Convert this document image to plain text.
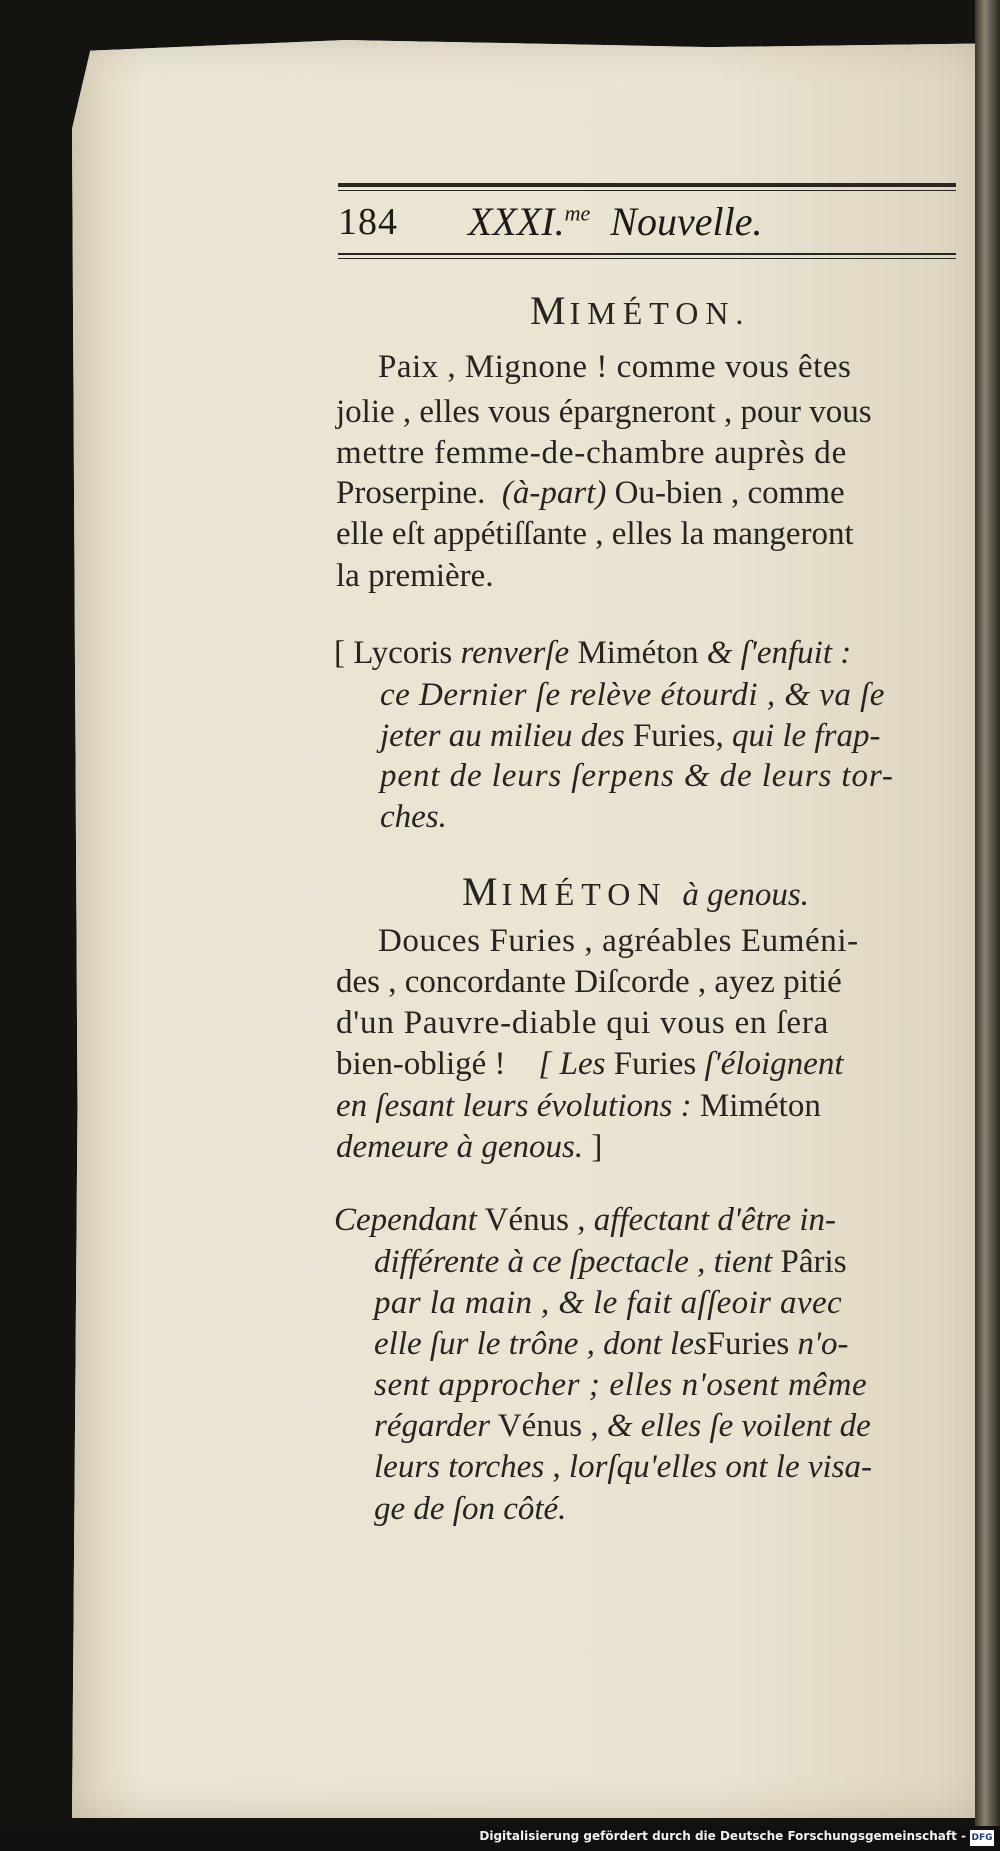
184 XXXI.$^{me}$ Nouvelle.
MIMÉTON.
Paix , Mignone ! comme vous êtes
jolie , elles vous épargneront , pour vous
mettre femme-de-chambre auprès de
Proserpine. (à-part) Ou-bien , comme
elle eſt appétiſſante , elles la mangeront
la première.
[ Lycoris renverſe Miméton & ſ'enfuit :
ce Dernier ſe relève étourdi , & va ſe
jeter au milieu des Furies, qui le frap-
pent de leurs ſerpens & de leurs tor-
ches.
MIMÉTON à genous.
Douces Furies , agréables Euméni-
des , concordante Diſcorde , ayez pitié
d'un Pauvre-diable qui vous en ſera
bien-obligé ! [ Les Furies ſ'éloignent
en ſesant leurs évolutions : Miméton
demeure à genous. ]
Cependant Vénus , affectant d'être in-
différente à ce ſpectacle , tient Pâris
par la main , & le fait aſſeoir avec
elle ſur le trône , dont lesFuries n'o-
sent approcher ; elles n'osent même
régarder Vénus , & elles ſe voilent de
leurs torches , lorſqu'elles ont le visa-
ge de ſon côté.
Digitalisierung gefördert durch die Deutsche Forschungsgemeinschaft - DFG
